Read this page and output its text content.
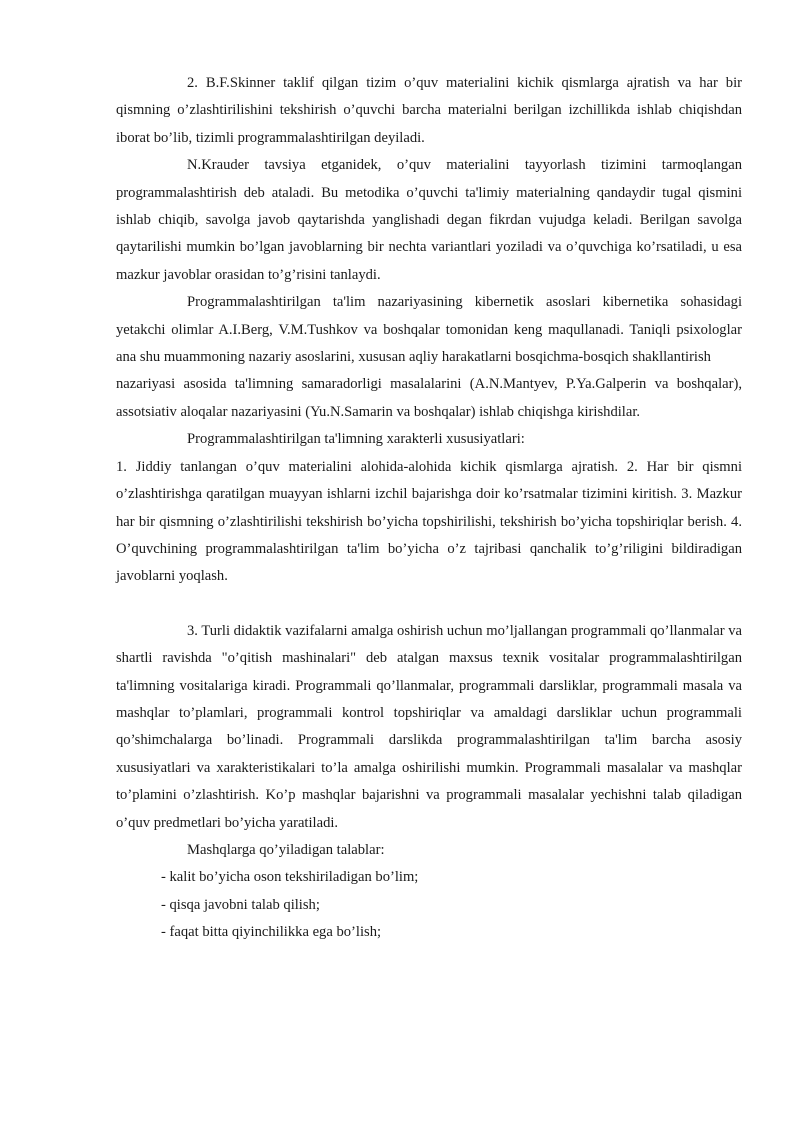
2. B.F.Skinner taklif qilgan tizim o’quv materialini kichik qismlarga ajratish va har bir qismning o’zlashtirilishini tekshirish o’quvchi barcha materialni berilgan izchillikda ishlab chiqishdan iborat bo’lib, tizimli programmalashtirilgan deyiladi.

N.Krauder tavsiya etganidek, o’quv materialini tayyorlash tizimini tarmoqlangan programmalashtirish deb ataladi. Bu metodika o’quvchi ta'limiy materialning qandaydir tugal qismini ishlab chiqib, savolga javob qaytarishda yanglishadi degan fikrdan vujudga keladi. Berilgan savolga qaytarilishi mumkin bo’lgan javoblarning bir nechta variantlari yoziladi va o’quvchiga ko’rsatiladi, u esa mazkur javoblar orasidan to’g’risini tanlaydi.

Programmalashtirilgan ta'lim nazariyasining kibernetik asoslari kibernetika sohasidagi yetakchi olimlar A.I.Berg, V.M.Tushkov va boshqalar tomonidan keng maqullanadi. Taniqli psixologlar ana shu muammoning nazariy asoslarini, xususan aqliy harakatlarni bosqichma-bosqich shakllantirish

nazariyasi asosida ta'limning samaradorligi masalalarini (A.N.Mantyev, P.Ya.Galperin va boshqalar), assotsiativ aloqalar nazariyasini (Yu.N.Samarin va boshqalar) ishlab chiqishga kirishdilar.

Programmalashtirilgan ta'limning xarakterli xususiyatlari:

1. Jiddiy tanlangan o’quv materialini alohida-alohida kichik qismlarga ajratish. 2. Har bir qismni o’zlashtirishga qaratilgan muayyan ishlarni izchil bajarishga doir ko’rsatmalar tizimini kiritish. 3. Mazkur har bir qismning o’zlashtirilishi tekshirish bo’yicha topshirilishi, tekshirish bo’yicha topshiriqlar berish. 4. O’quvchining programmalashtirilgan ta'lim bo’yicha o’z tajribasi qanchalik to’g’riligini bildiradigan javoblarni yoqlash.

3. Turli didaktik vazifalarni amalga oshirish uchun mo’ljallangan programmali qo’llanmalar va shartli ravishda "o’qitish mashinalari" deb atalgan maxsus texnik vositalar programmalashtirilgan ta'limning vositalariga kiradi. Programmali qo’llanmalar, programmali darsliklar, programmali masala va mashqlar to’plamlari, programmali kontrol topshiriqlar va amaldagi darsliklar uchun programmali qo’shimchalarga bo’linadi. Programmali darslikda programmalashtirilgan ta'lim barcha asosiy xususiyatlari va xarakteristikalari to’la amalga oshirilishi mumkin. Programmali masalalar va mashqlar to’plamini o’zlashtirish. Ko’p mashqlar bajarishni va programmali masalalar yechishni talab qiladigan o’quv predmetlari bo’yicha yaratiladi.

Mashqlarga qo’yiladigan talablar:

- kalit bo’yicha oson tekshiriladigan bo’lim;

- qisqa javobni talab qilish;

- faqat bitta qiyinchilikka ega bo’lish;
